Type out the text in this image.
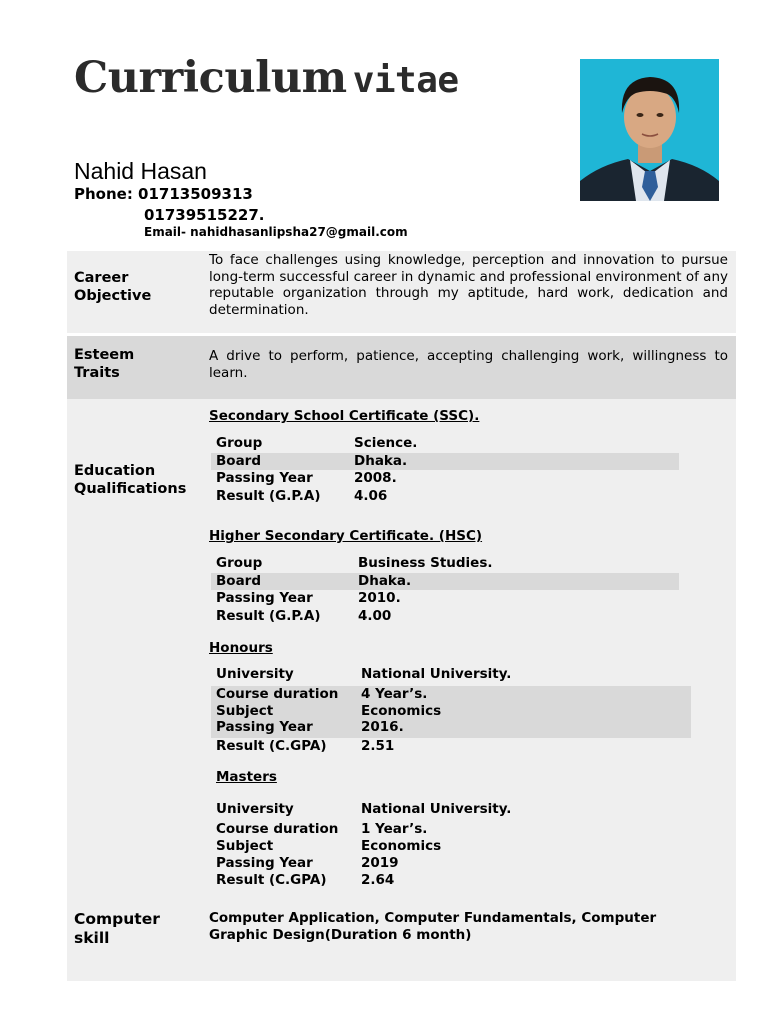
Curriculum vitae
Nahid Hasan
Phone: 01713509313
01739515227.
Email- nahidhasanlipsha27@gmail.com
Career
Objective

To face challenges using knowledge, perception and innovation to pursue long-term successful career in dynamic and professional environment of any reputable organization through my aptitude, hard work, dedication and determination.

Esteem
Traits

A drive to perform, patience, accepting challenging work, willingness to learn.

Education
Qualifications
Secondary School Certificate (SSC).
Group	Science.
Board	Dhaka.
Passing Year	2008.
Result (G.P.A) 4.06
Higher Secondary Certificate. (HSC)
Group	Business Studies.
Board	Dhaka.
Passing Year	2010.
Result (G.P.A)	4.00
Honours
University	National University.
Course duration 4 Year’s.
Subject	Economics
Passing Year	2016.
Result (C.GPA)	2.51
Masters
University	National University.
Course duration 1 Year’s.
Subject	Economics
Passing Year	2019
Result (C.GPA)	2.64
Computer
skill

Computer Application, Computer Fundamentals, Computer Graphic Design(Duration 6 month)
